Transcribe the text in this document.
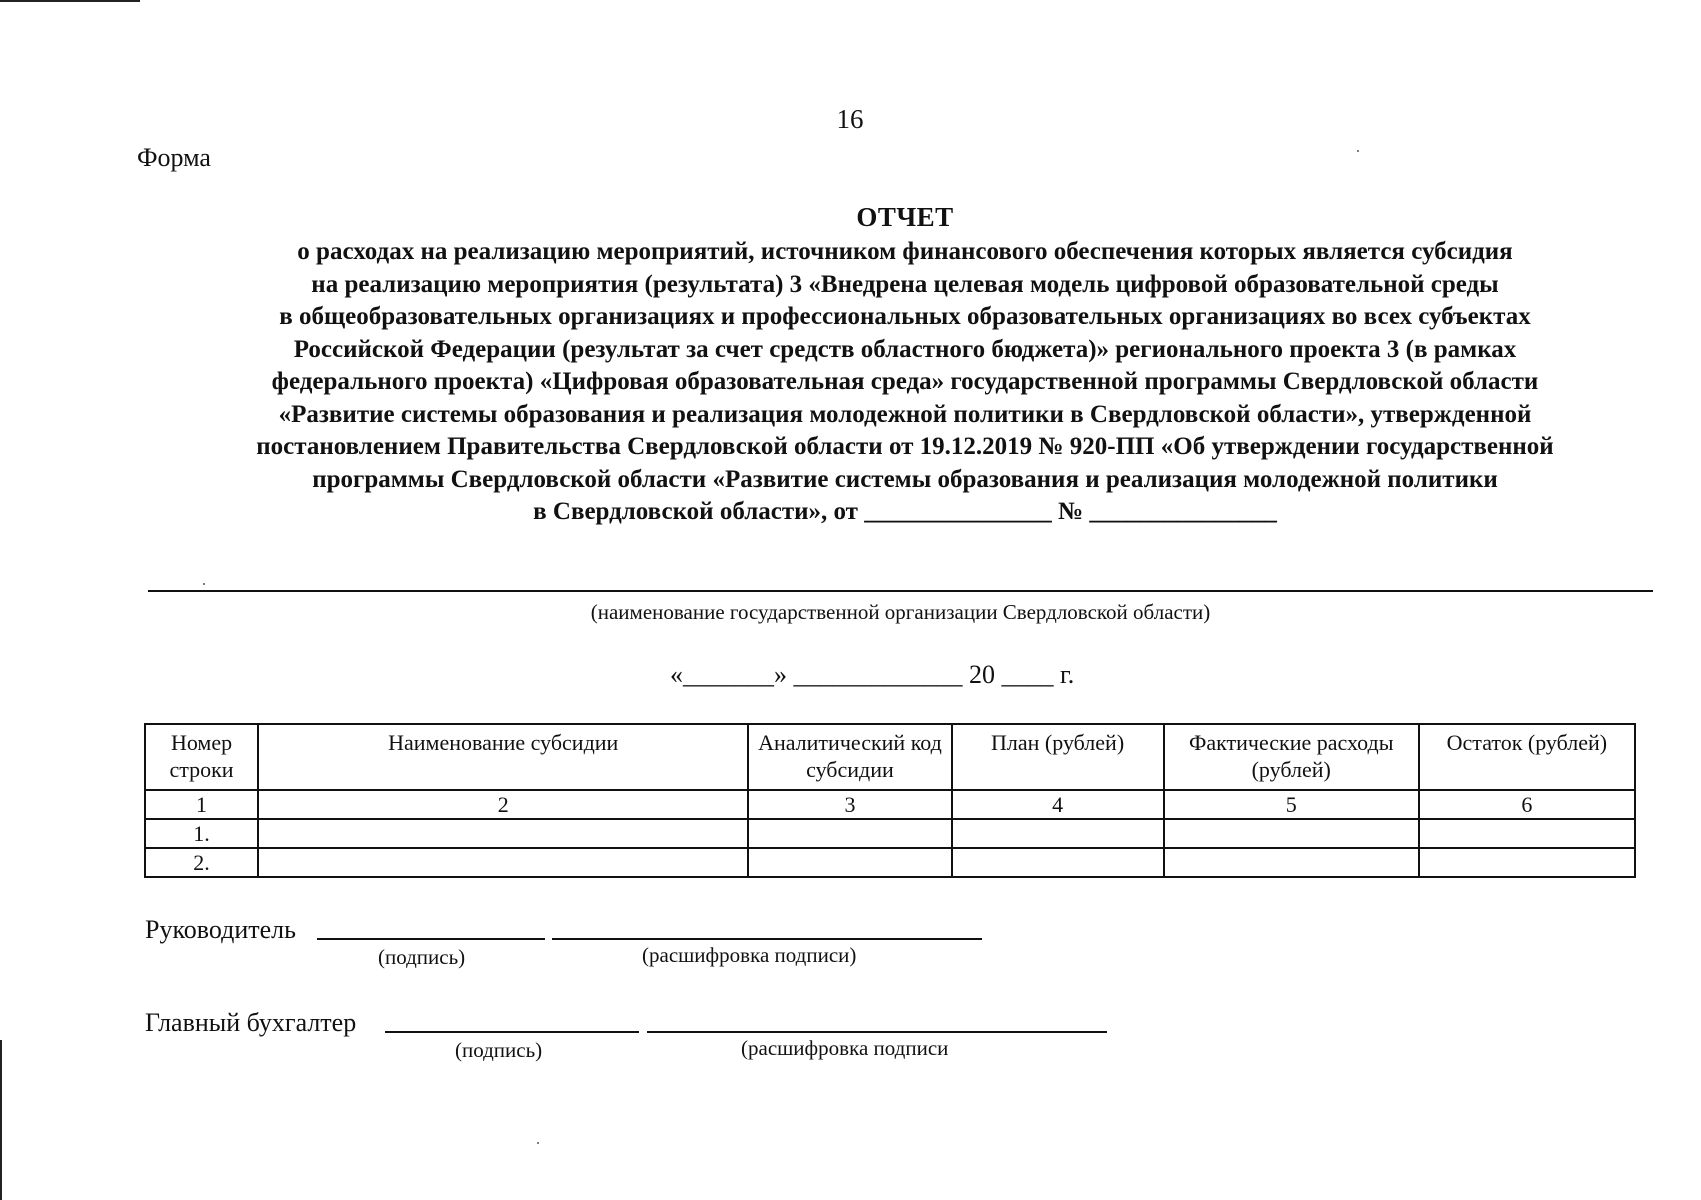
16
Форма
ОТЧЕТ
о расходах на реализацию мероприятий, источником финансового обеспечения которых является субсидия
на реализацию мероприятия (результата) 3 «Внедрена целевая модель цифровой образовательной среды
в общеобразовательных организациях и профессиональных образовательных организациях во всех субъектах
Российской Федерации (результат за счет средств областного бюджета)» регионального проекта 3 (в рамках
федерального проекта) «Цифровая образовательная среда» государственной программы Свердловской области
«Развитие системы образования и реализация молодежной политики в Свердловской области», утвержденной
постановлением Правительства Свердловской области от 19.12.2019 № 920-ПП «Об утверждении государственной
программы Свердловской области «Развитие системы образования и реализация молодежной политики
в Свердловской области», от _______________ № _______________
(наименование государственной организации Свердловской области)
«_______» _____________ 20 ____ г.
Номер строки	Наименование субсидии	Аналитический код субсидии	План (рублей)	Фактические расходы (рублей)	Остаток (рублей)
1	2	3	4	5	6
1.					
2.					
Руководитель
(подпись)	(расшифровка подписи)
Главный бухгалтер
(подпись)	(расшифровка подписи
